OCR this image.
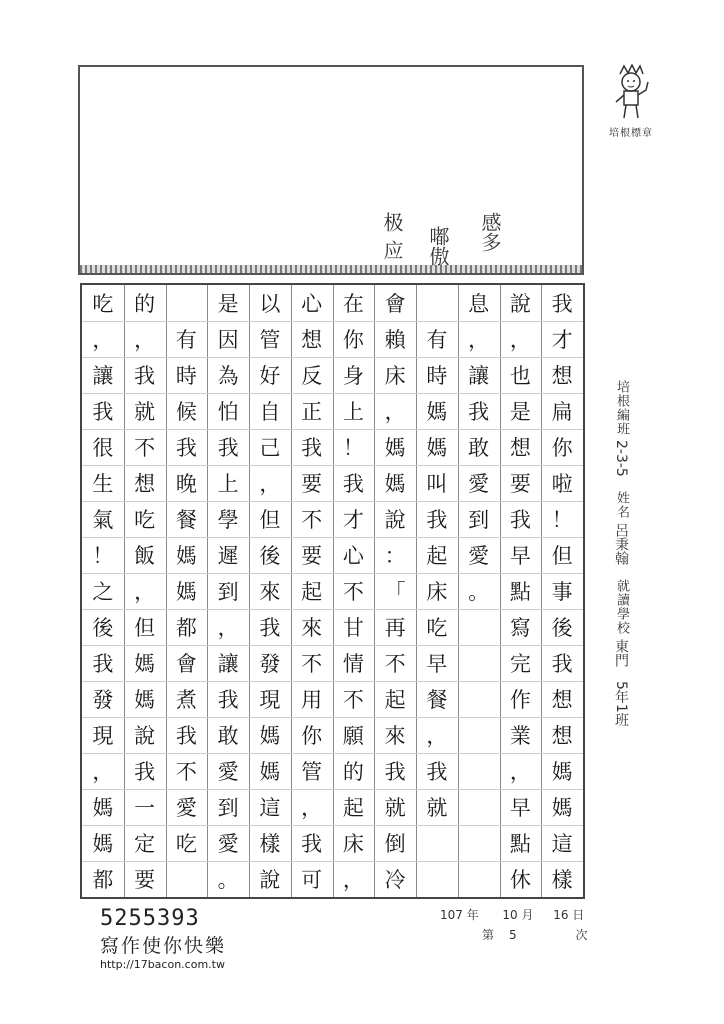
感多
嘟傲
极
应
培根標章
我
才
想
扁
你
啦
！
但
事
後
我
想
想
媽
媽
這
樣
說
，
也
是
想
要
我
早
點
寫
完
作
業
，
早
點
休
息
，
讓
我
敢
愛
到
愛
。
有
時
媽
媽
叫
我
起
床
吃
早
餐
，
我
就
會
賴
床
，
媽
媽
說
：
「
再
不
起
來
我
就
倒
冷
在
你
身
上
！
我
才
心
不
甘
情
不
願
的
起
床
，
心
想
反
正
我
要
不
要
起
來
不
用
你
管
，
我
可
以
管
好
自
己
，
但
後
來
我
發
現
媽
媽
這
樣
說
是
因
為
怕
我
上
學
遲
到
，
讓
我
敢
愛
到
愛
。
有
時
候
我
晚
餐
媽
媽
都
會
煮
我
不
愛
吃
的
，
我
就
不
想
吃
飯
，
但
媽
媽
說
我
一
定
要
吃
，
讓
我
很
生
氣
！
之
後
我
發
現
，
媽
媽
都
培根編班
2-3-5
姓名
呂秉翰
就讀學校
東門
5年1班
5255393
寫作使你快樂
http://17bacon.com.tw
107 年 10 月 16 日
第 5	次
